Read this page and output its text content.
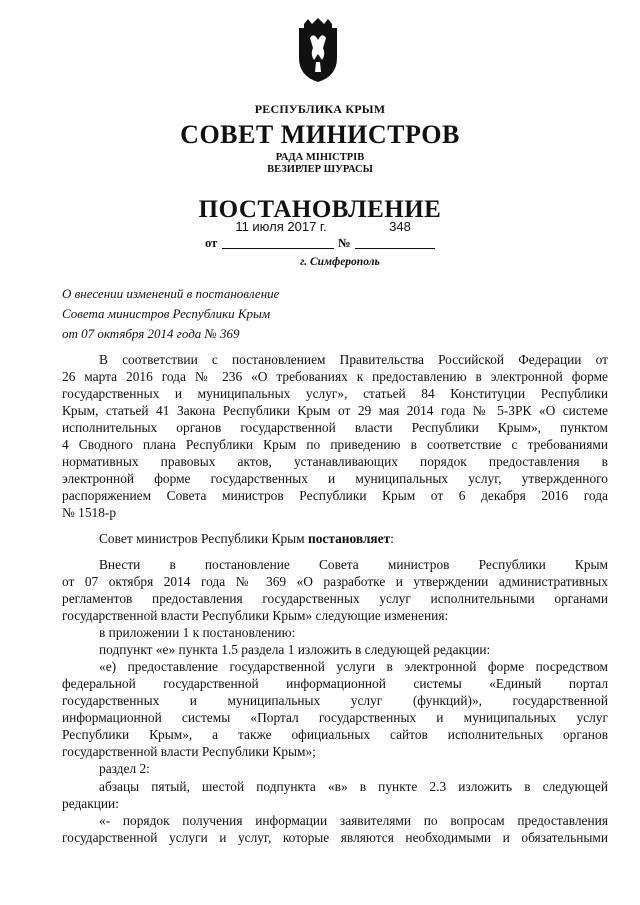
РЕСПУБЛИКА КРЫМ
СОВЕТ МИНИСТРОВ
РАДА МІНІСТРІВ
ВЕЗИРЛЕР ШУРАСЫ
ПОСТАНОВЛЕНИЕ
от
11 июля 2017 г.
№
348
г. Симферополь
О внесении изменений в постановление
Совета министров Республики Крым
от 07 октября 2014 года № 369
В соответствии с постановлением Правительства Российской Федерации от
26 марта 2016 года № 236 «О требованиях к предоставлению в электронной форме
государственных и муниципальных услуг», статьей 84 Конституции Республики
Крым, статьей 41 Закона Республики Крым от 29 мая 2014 года № 5-ЗРК «О системе
исполнительных органов государственной власти Республики Крым», пунктом
4 Сводного плана Республики Крым по приведению в соответствие с требованиями
нормативных правовых актов, устанавливающих порядок предоставления в
электронной форме государственных и муниципальных услуг, утвержденного
распоряжением Совета министров Республики Крым от 6 декабря 2016 года
№ 1518-р
Совет министров Республики Крым постановляет:
Внести в постановление Совета министров Республики Крым
от 07 октября 2014 года № 369 «О разработке и утверждении административных
регламентов предоставления государственных услуг исполнительными органами
государственной власти Республики Крым» следующие изменения:
в приложении 1 к постановлению:
подпункт «е» пункта 1.5 раздела 1 изложить в следующей редакции:
«е) предоставление государственной услуги в электронной форме посредством
федеральной государственной информационной системы «Единый портал
государственных и муниципальных услуг (функций)», государственной
информационной системы «Портал государственных и муниципальных услуг
Республики Крым», а также официальных сайтов исполнительных органов
государственной власти Республики Крым»;
раздел 2:
абзацы пятый, шестой подпункта «в» в пункте 2.3 изложить в следующей
редакции:
«- порядок получения информации заявителями по вопросам предоставления
государственной услуги и услуг, которые являются необходимыми и обязательными
